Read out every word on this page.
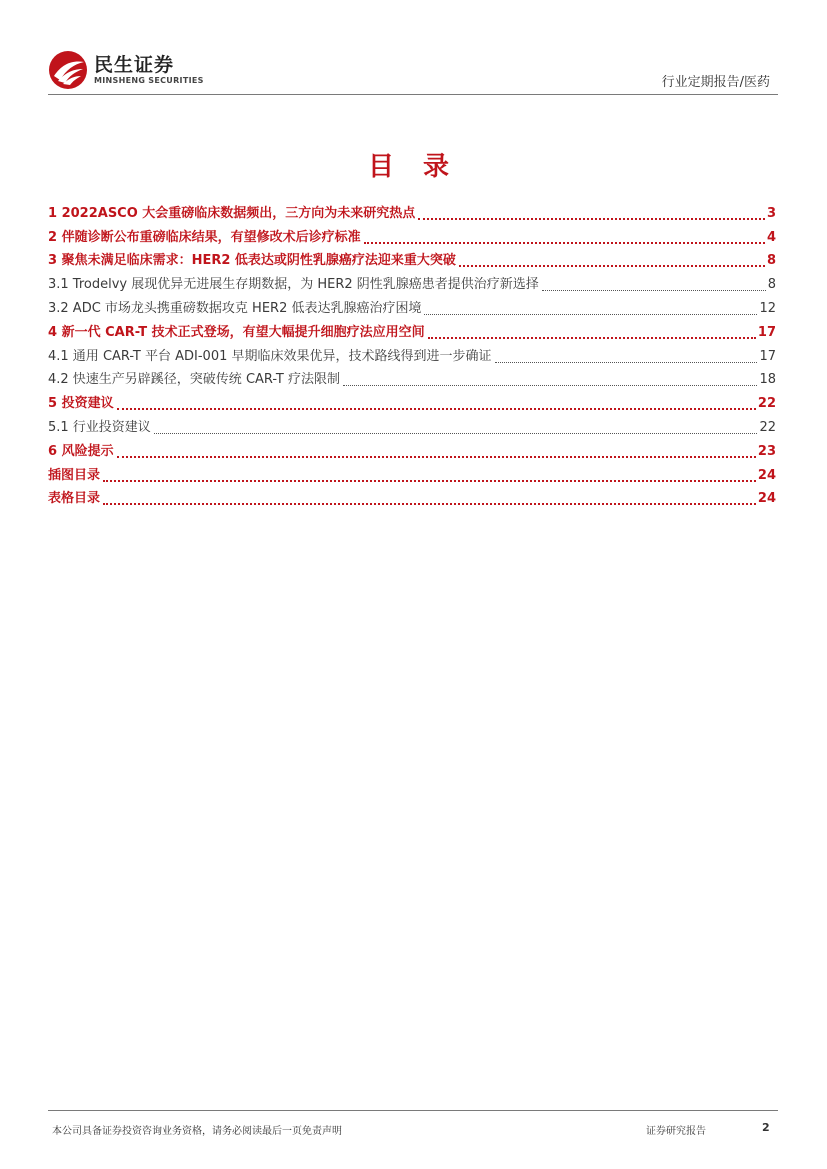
民生证券
MINSHENG SECURITIES	行业定期报告/医药
目 录
1 2022ASCO 大会重磅临床数据频出，三方向为未来研究热点	3
2 伴随诊断公布重磅临床结果，有望修改术后诊疗标准	4
3 聚焦未满足临床需求：HER2 低表达或阴性乳腺癌疗法迎来重大突破	8
3.1 Trodelvy 展现优异无进展生存期数据，为 HER2 阴性乳腺癌患者提供治疗新选择	8
3.2 ADC 市场龙头携重磅数据攻克 HER2 低表达乳腺癌治疗困境	12
4 新一代 CAR-T 技术正式登场，有望大幅提升细胞疗法应用空间	17
4.1 通用 CAR-T 平台 ADI-001 早期临床效果优异，技术路线得到进一步确证	17
4.2 快速生产另辟蹊径，突破传统 CAR-T 疗法限制	18
5 投资建议	22
5.1 行业投资建议	22
6 风险提示	23
插图目录	24
表格目录	24
本公司具备证券投资咨询业务资格，请务必阅读最后一页免责声明	证券研究报告	2
